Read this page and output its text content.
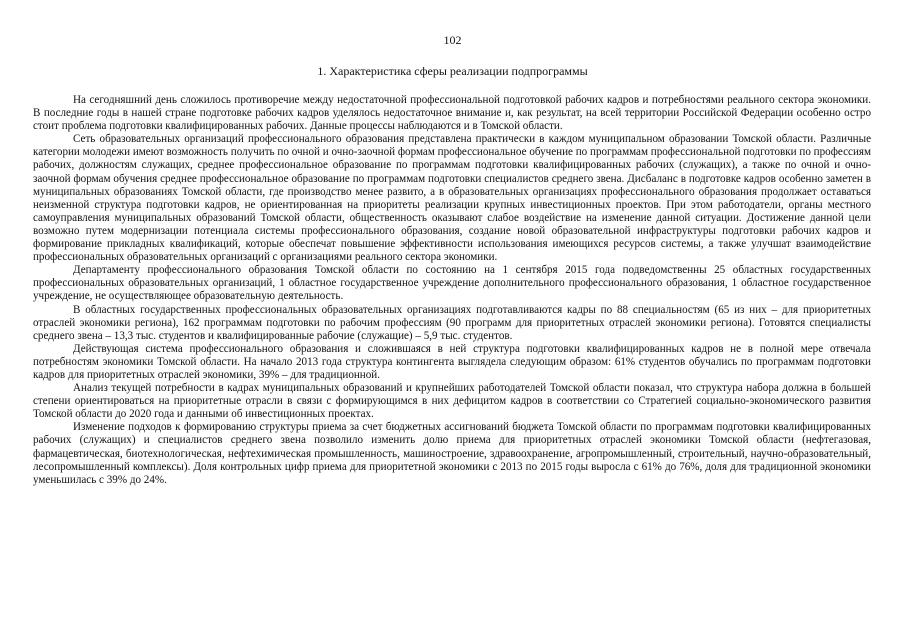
102
1. Характеристика сферы реализации подпрограммы

На сегодняшний день сложилось противоречие между недостаточной профессиональной подготовкой рабочих кадров и потребностями реального сектора экономики. В последние годы в нашей стране подготовке рабочих кадров уделялось недостаточное внимание и, как результат, на всей территории Российской Федерации особенно остро стоит проблема подготовки квалифицированных рабочих. Данные процессы наблюдаются и в Томской области.

Сеть образовательных организаций профессионального образования представлена практически в каждом муниципальном образовании Томской области. Различные категории молодежи имеют возможность получить по очной и очно-заочной формам профессиональное обучение по программам профессиональной подготовки по профессиям рабочих, должностям служащих, среднее профессиональное образование по программам подготовки квалифицированных рабочих (служащих), а также по очной и очно-заочной формам обучения среднее профессиональное образование по программам подготовки специалистов среднего звена. Дисбаланс в подготовке кадров особенно заметен в муниципальных образованиях Томской области, где производство менее развито, а в образовательных организациях профессионального образования продолжает оставаться неизменной структура подготовки кадров, не ориентированная на приоритеты реализации крупных инвестиционных проектов. При этом работодатели, органы местного самоуправления муниципальных образований Томской области, общественность оказывают слабое воздействие на изменение данной ситуации. Достижение данной цели возможно путем модернизации потенциала системы профессионального образования, создание новой образовательной инфраструктуры подготовки рабочих кадров и формирование прикладных квалификаций, которые обеспечат повышение эффективности использования имеющихся ресурсов системы, а также улучшат взаимодействие профессиональных образовательных организаций с организациями реального сектора экономики.

Департаменту профессионального образования Томской области по состоянию на 1 сентября 2015 года подведомственны 25 областных государственных профессиональных образовательных организаций, 1 областное государственное учреждение дополнительного профессионального образования, 1 областное государственное учреждение, не осуществляющее образовательную деятельность.

В областных государственных профессиональных образовательных организациях подготавливаются кадры по 88 специальностям (65 из них – для приоритетных отраслей экономики региона), 162 программам подготовки по рабочим профессиям (90 программ для приоритетных отраслей экономики региона). Готовятся специалисты среднего звена – 13,3 тыс. студентов и квалифицированные рабочие (служащие) – 5,9 тыс. студентов.

Действующая система профессионального образования и сложившаяся в ней структура подготовки квалифицированных кадров не в полной мере отвечала потребностям экономики Томской области. На начало 2013 года структура контингента выглядела следующим образом: 61% студентов обучались по программам подготовки кадров для приоритетных отраслей экономики, 39% – для традиционной.

Анализ текущей потребности в кадрах муниципальных образований и крупнейших работодателей Томской области показал, что структура набора должна в большей степени ориентироваться на приоритетные отрасли в связи с формирующимся в них дефицитом кадров в соответствии со Стратегией социально-экономического развития Томской области до 2020 года и данными об инвестиционных проектах.

Изменение подходов к формированию структуры приема за счет бюджетных ассигнований бюджета Томской области по программам подготовки квалифицированных рабочих (служащих) и специалистов среднего звена позволило изменить долю приема для приоритетных отраслей экономики Томской области (нефтегазовая, фармацевтическая, биотехнологическая, нефтехимическая промышленность, машиностроение, здравоохранение, агропромышленный, строительный, научно-образовательный, лесопромышленный комплексы). Доля контрольных цифр приема для приоритетной экономики с 2013 по 2015 годы выросла с 61% до 76%, доля для традиционной экономики уменьшилась с 39% до 24%.
